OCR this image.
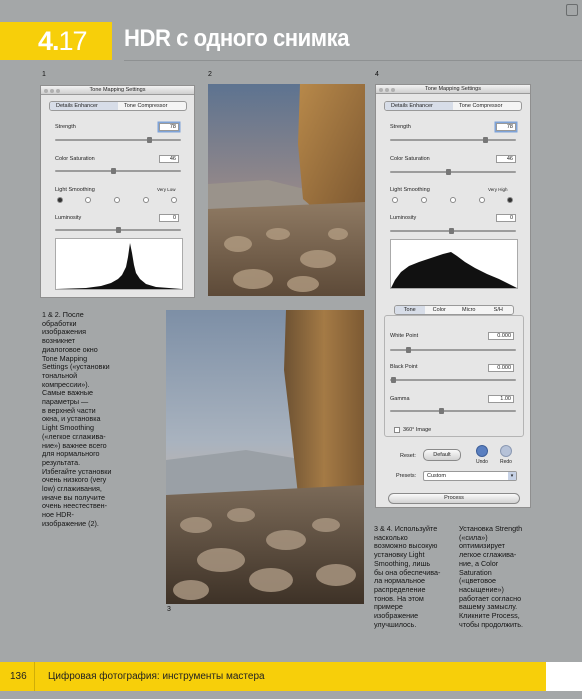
4.17 HDR с одного снимка
1	2	4
3
Tone Mapping Settings
Details Enhancer	Tone Compressor
Strength	78
Color Saturation	46
Light Smoothing	Very Low
Luminosity	0
Tone Mapping Settings
Details Enhancer	Tone Compressor
Strength	78
Color Saturation	46
Light Smoothing	Very High
Luminosity	0
Tone	Color	Micro	S/H
White Point	0.000
Black Point	0.000
Gamma	1.00
360° Image
Reset:	Default
Undo Redo
Presets: Custom	▾
Process
1 & 2. После
обработки
изображения
возникнет
диалоговое окно
Tone Mapping
Settings («установки
тональной
компрессии»).
Самые важные
параметры —
в верхней части
окна, и установка
Light Smoothing
(«легкое сглажива-
ние») важнее всего
для нормального
результата.
Избегайте установки
очень низкого (very
low) сглаживания,
иначе вы получите
очень неестествен-
ное HDR-
изображение (2).
3 & 4. Используйте
насколько
возможно высокую
установку Light
Smoothing, лишь
бы она обеспечива-
ла нормальное
распределение
тонов. На этом
примере
изображение
улучшилось.
Установка Strength
(«сила»)
оптимизирует
легкое сглажива-
ние, а Color
Saturation
(«цветовое
насыщение»)
работает согласно
вашему замыслу.
Кликните Process,
чтобы продолжить.
136 Цифровая фотография: инструменты мастера
